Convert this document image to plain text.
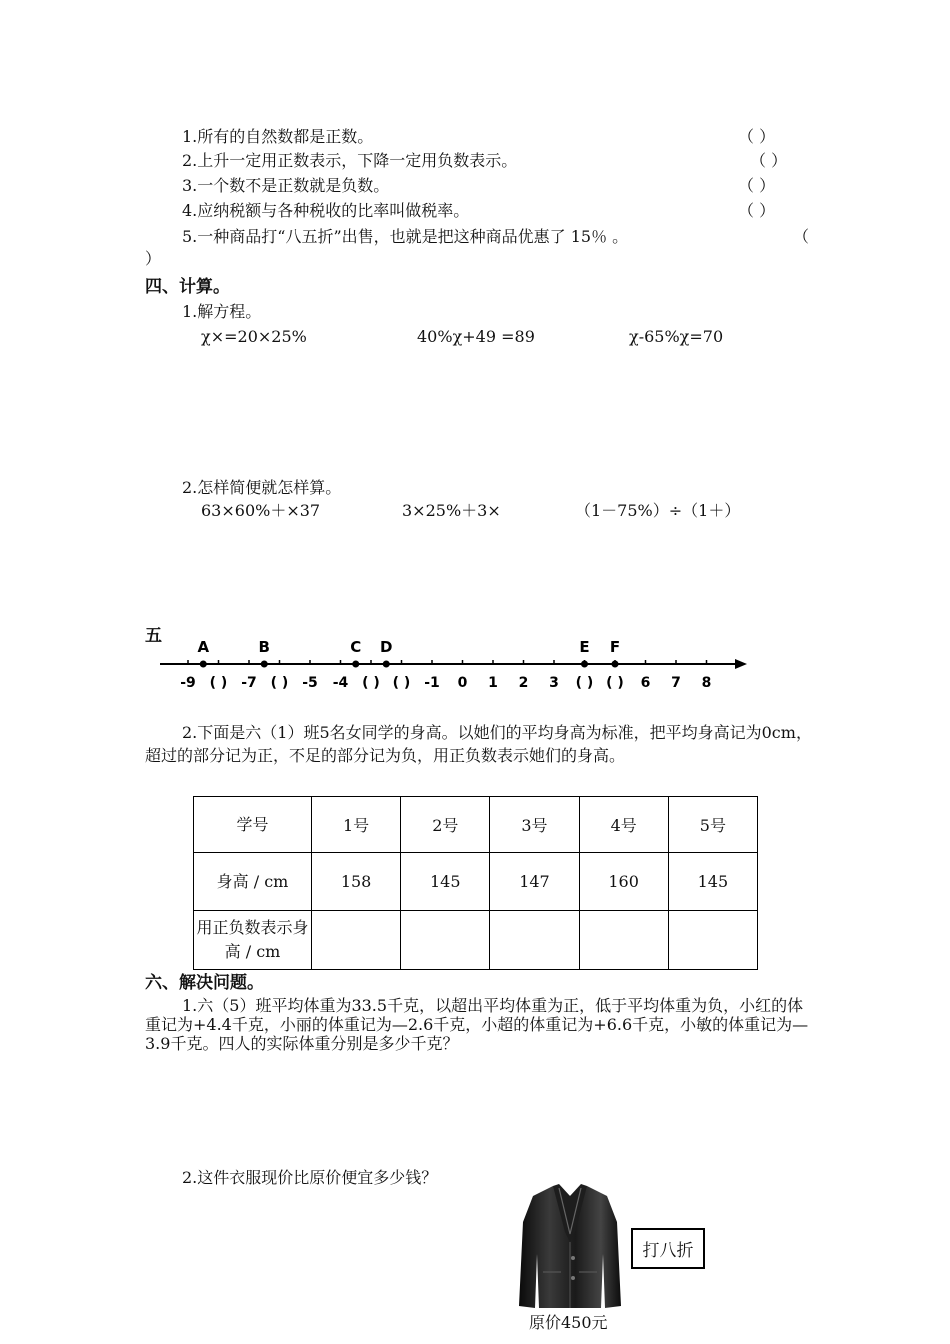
1.所有的自然数都是正数。	（ ）
2.上升一定用正数表示，下降一定用负数表示。	（ ）
3.一个数不是正数就是负数。	（ ）
4.应纳税额与各种税收的比率叫做税率。	（ ）
5.一种商品打“八五折”出售，也就是把这种商品优惠了 15％ 。	（
）
四、计算。
1.解方程。
χ×=20×25%	40%χ+49 =89	χ-65%χ=70
2.怎样简便就怎样算。
63×60%＋×37	3×25%＋3×	（1－75%）÷（1＋）
五
-9 ( ) -7 ( ) -5 -4 ( ) ( ) -1 0 1 2 3 ( ) ( ) 6 7 8
A	B	C D	E F
2.下面是六（1）班5名女同学的身高。以她们的平均身高为标准，把平均身高记为0cm，超过的部分记为正，不足的部分记为负，用正负数表示她们的身高。
学号	1号	2号	3号	4号	5号
身高 / cm	158	145	147	160	145
用正负数表示身高 / cm					
六、解决问题。
1.六（5）班平均体重为33.5千克，以超出平均体重为正，低于平均体重为负，小红的体重记为+4.4千克，小丽的体重记为—2.6千克，小超的体重记为+6.6千克，小敏的体重记为—3.9千克。四人的实际体重分别是多少千克？
2.这件衣服现价比原价便宜多少钱？
打八折
原价450元
